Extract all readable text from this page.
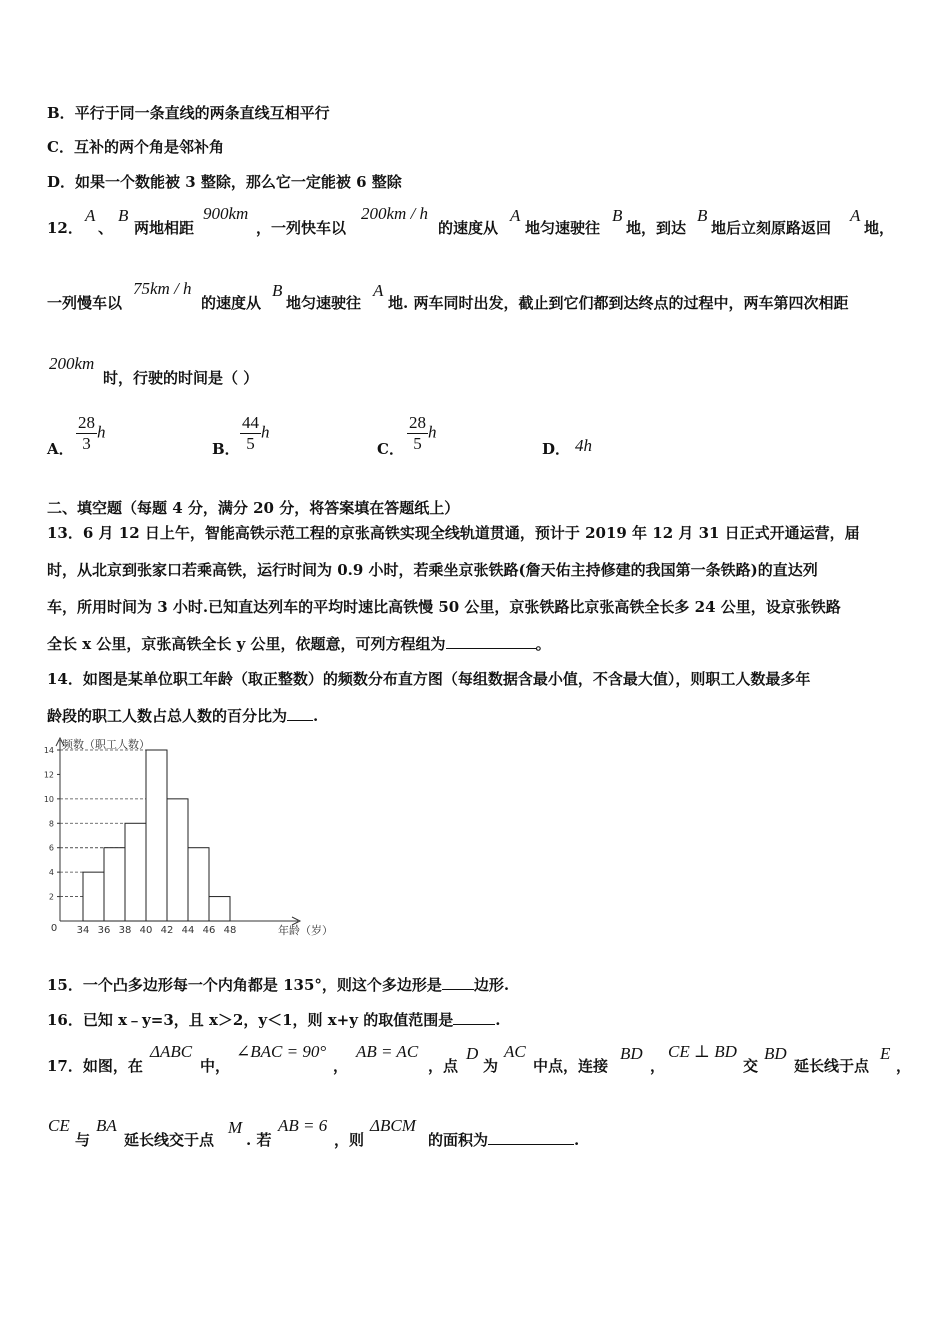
B．平行于同一条直线的两条直线互相平行
C．互补的两个角是邻补角
D．如果一个数能被 3 整除，那么它一定能被 6 整除
12．
A
、
B
两地相距
900km
，一列快车以
200km / h
的速度从
A
地匀速驶往
B
地，到达
B
地后立刻原路返回
A
地，
一列慢车以
75km / h
的速度从
B
地匀速驶往
A
地. 两车同时出发，截止到它们都到达终点的过程中，两车第四次相距
200km
时，行驶的时间是（ ）
A． $\frac{28}{3}$ h
B． $\frac{44}{5}$ h
C． $\frac{28}{5}$ h
D． 4h
二、填空题（每题 4 分，满分 20 分，将答案填在答题纸上）
13．6 月 12 日上午，智能高铁示范工程的京张高铁实现全线轨道贯通，预计于 2019 年 12 月 31 日正式开通运营，届
时，从北京到张家口若乘高铁，运行时间为 0.9 小时，若乘坐京张铁路(詹天佑主持修建的我国第一条铁路)的直达列
车，所用时间为 3 小时.已知直达列车的平均时速比高铁慢 50 公里，京张铁路比京张高铁全长多 24 公里，设京张铁路
全长 x 公里，京张高铁全长 y 公里，依题意，可列方程组为	。
14．如图是某单位职工年龄（取正整数）的频数分布直方图（每组数据含最小值，不含最大值），则职工人数最多年
龄段的职工人数占总人数的百分比为 .
2
4
6
8
10
12
14
34 36 38 40 42 44 46 48
0
频数（职工人数）
年龄（岁）
15．一个凸多边形每一个内角都是 135°，则这个多边形是 边形.
16．已知 x﹣y=3，且 x＞2，y＜1，则 x+y 的取值范围是	.
17．如图，在
ΔABC
中，
∠BAC = 90°
，
AB = AC
，点
D
为
AC
中点，连接
BD
，
CE ⊥ BD
交
BD
延长线于点
E
，
CE
与
BA
延长线交于点
M
. 若
AB = 6
，则
ΔBCM
的面积为	.
